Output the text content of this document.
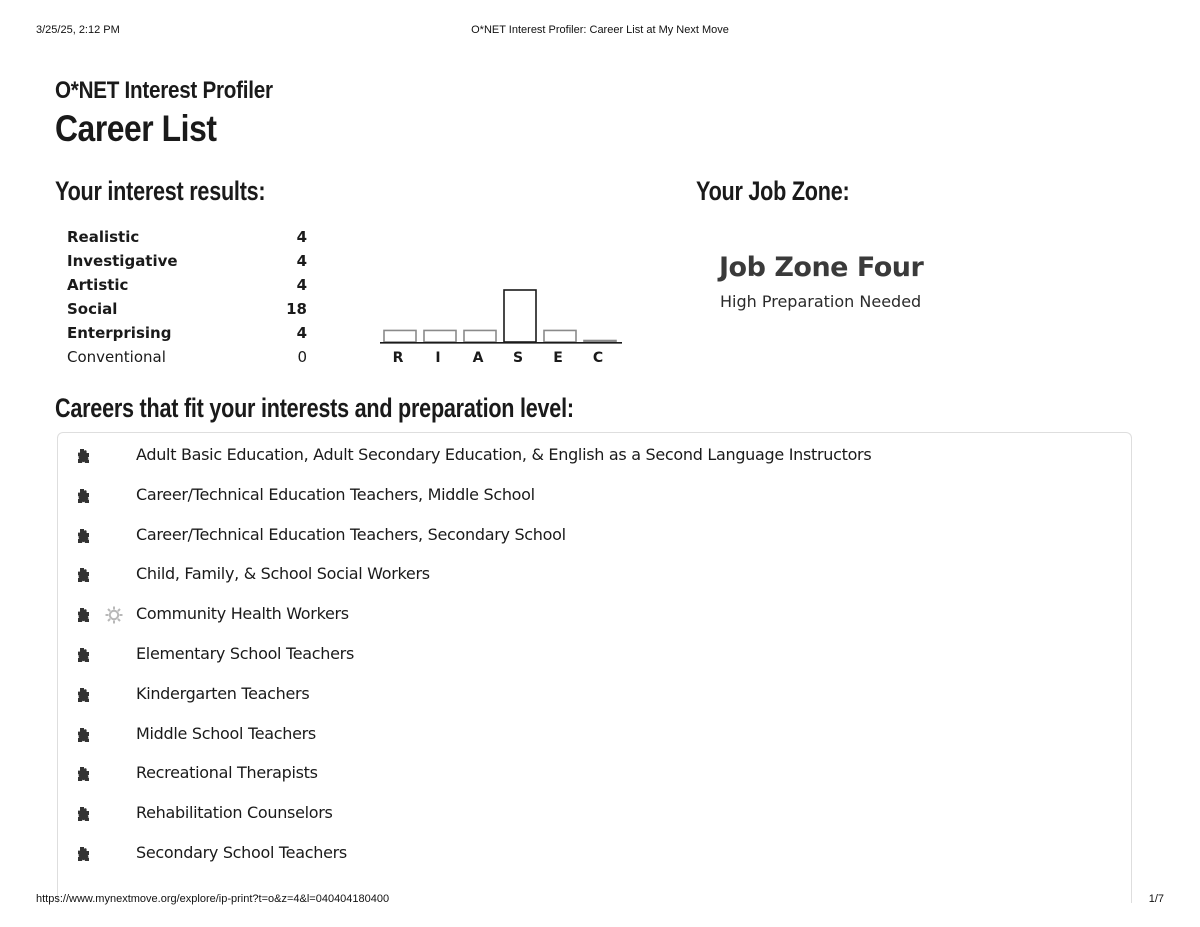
3/25/25, 2:12 PM	O*NET Interest Profiler: Career List at My Next Move
O*NET Interest Profiler
Career List
Your interest results:	Your Job Zone:
Realistic	4
Investigative	4
Artistic	4
Social	18
Enterprising	4
Conventional	0	R I A S E C
Job Zone Four
High Preparation Needed
Careers that fit your interests and preparation level:
Adult Basic Education, Adult Secondary Education, & English as a Second Language Instructors
Career/Technical Education Teachers, Middle School
Career/Technical Education Teachers, Secondary School
Child, Family, & School Social Workers
Community Health Workers
Elementary School Teachers
Kindergarten Teachers
Middle School Teachers
Recreational Therapists
Rehabilitation Counselors
Secondary School Teachers
https://www.mynextmove.org/explore/ip-print?t=o&z=4&l=040404180400	1/7
